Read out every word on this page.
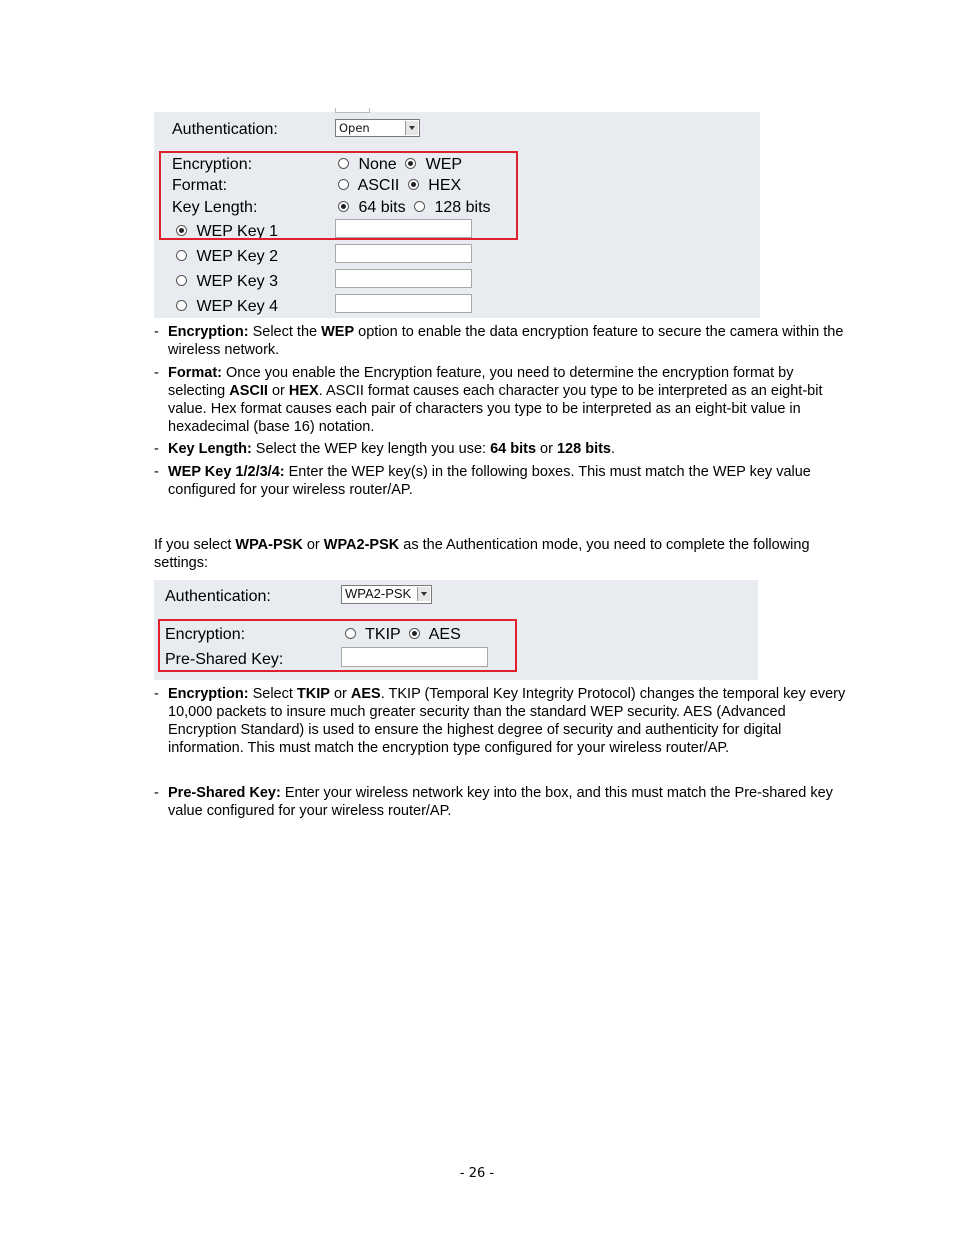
Authentication:	Open
Encryption:	None WEP
Format:	ASCII HEX
Key Length:	64 bits 128 bits
WEP Key 1
WEP Key 2
WEP Key 3
WEP Key 4
- Encryption: Select the WEP option to enable the data encryption feature to secure the camera within the wireless network.
- Format: Once you enable the Encryption feature, you need to determine the encryption format by selecting ASCII or HEX. ASCII format causes each character you type to be interpreted as an eight-bit value. Hex format causes each pair of characters you type to be interpreted as an eight-bit value in hexadecimal (base 16) notation.
- Key Length: Select the WEP key length you use: 64 bits or 128 bits.
- WEP Key 1/2/3/4: Enter the WEP key(s) in the following boxes. This must match the WEP key value configured for your wireless router/AP.
If you select WPA-PSK or WPA2-PSK as the Authentication mode, you need to complete the following settings:
Authentication:	WPA2-PSK
Encryption:	TKIP AES
Pre-Shared Key:
- Encryption: Select TKIP or AES. TKIP (Temporal Key Integrity Protocol) changes the temporal key every 10,000 packets to insure much greater security than the standard WEP security. AES (Advanced Encryption Standard) is used to ensure the highest degree of security and authenticity for digital information. This must match the encryption type configured for your wireless router/AP.
- Pre-Shared Key: Enter your wireless network key into the box, and this must match the Pre-shared key value configured for your wireless router/AP.
- 26 -
